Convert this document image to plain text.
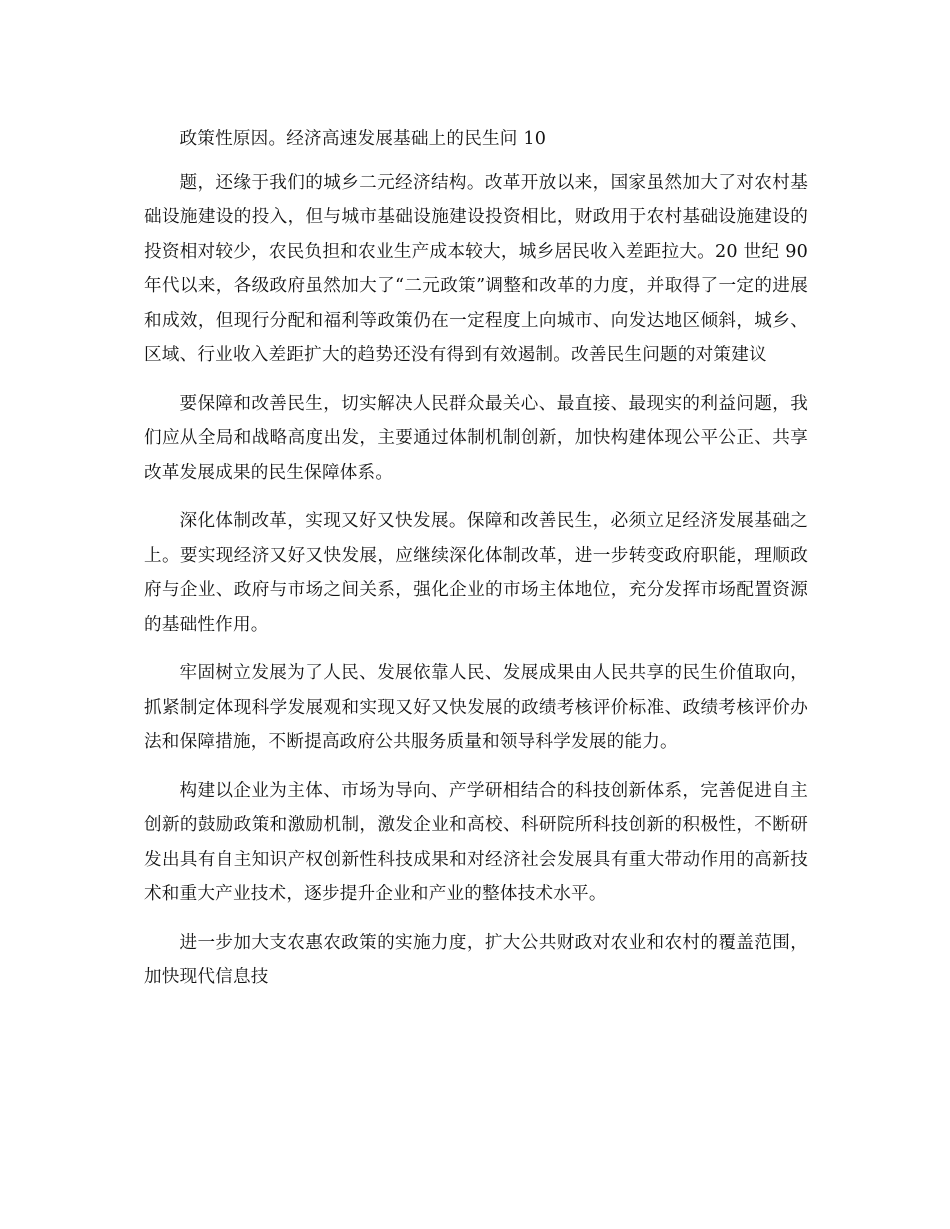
政策性原因。经济高速发展基础上的民生问 10

题，还缘于我们的城乡二元经济结构。改革开放以来，国家虽然加大了对农村基础设施建设的投入，但与城市基础设施建设投资相比，财政用于农村基础设施建设的投资相对较少，农民负担和农业生产成本较大，城乡居民收入差距拉大。20 世纪 90 年代以来，各级政府虽然加大了“二元政策”调整和改革的力度，并取得了一定的进展和成效，但现行分配和福利等政策仍在一定程度上向城市、向发达地区倾斜，城乡、区域、行业收入差距扩大的趋势还没有得到有效遏制。改善民生问题的对策建议

要保障和改善民生，切实解决人民群众最关心、最直接、最现实的利益问题，我们应从全局和战略高度出发，主要通过体制机制创新，加快构建体现公平公正、共享改革发展成果的民生保障体系。

深化体制改革，实现又好又快发展。保障和改善民生，必须立足经济发展基础之上。要实现经济又好又快发展，应继续深化体制改革，进一步转变政府职能，理顺政府与企业、政府与市场之间关系，强化企业的市场主体地位，充分发挥市场配置资源的基础性作用。

牢固树立发展为了人民、发展依靠人民、发展成果由人民共享的民生价值取向，抓紧制定体现科学发展观和实现又好又快发展的政绩考核评价标准、政绩考核评价办法和保障措施，不断提高政府公共服务质量和领导科学发展的能力。

构建以企业为主体、市场为导向、产学研相结合的科技创新体系，完善促进自主创新的鼓励政策和激励机制，激发企业和高校、科研院所科技创新的积极性，不断研发出具有自主知识产权创新性科技成果和对经济社会发展具有重大带动作用的高新技术和重大产业技术，逐步提升企业和产业的整体技术水平。

进一步加大支农惠农政策的实施力度，扩大公共财政对农业和农村的覆盖范围，加快现代信息技
